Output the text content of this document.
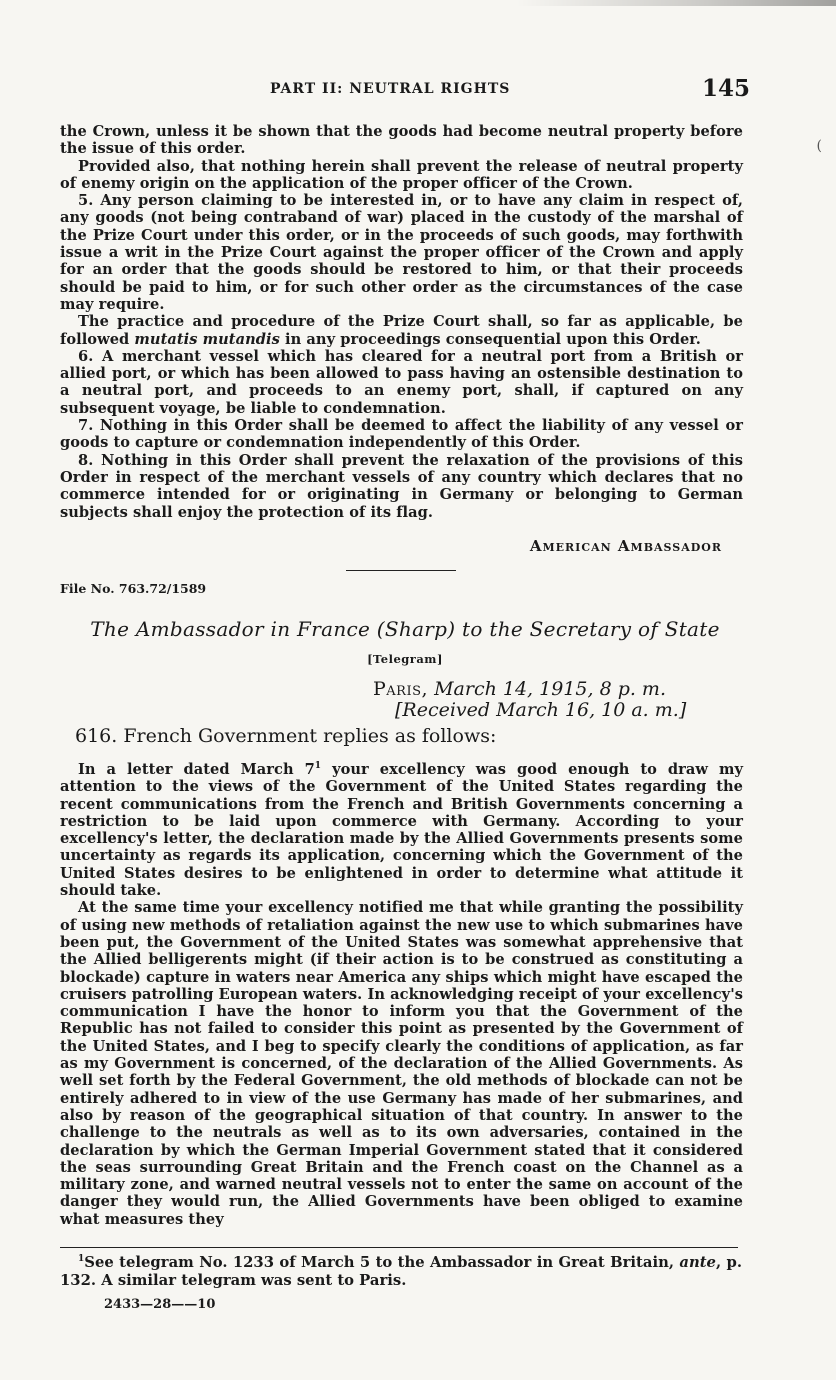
PART II: NEUTRAL RIGHTS	145
(

the Crown, unless it be shown that the goods had become neutral property before the issue of this order.

Provided also, that nothing herein shall prevent the release of neutral property of enemy origin on the application of the proper officer of the Crown.

5. Any person claiming to be interested in, or to have any claim in respect of, any goods (not being contraband of war) placed in the custody of the marshal of the Prize Court under this order, or in the proceeds of such goods, may forthwith issue a writ in the Prize Court against the proper officer of the Crown and apply for an order that the goods should be restored to him, or that their proceeds should be paid to him, or for such other order as the circumstances of the case may require.

The practice and procedure of the Prize Court shall, so far as applicable, be followed mutatis mutandis in any proceedings consequential upon this Order.

6. A merchant vessel which has cleared for a neutral port from a British or allied port, or which has been allowed to pass having an ostensible destination to a neutral port, and proceeds to an enemy port, shall, if captured on any subsequent voyage, be liable to condemnation.

7. Nothing in this Order shall be deemed to affect the liability of any vessel or goods to capture or condemnation independently of this Order.

8. Nothing in this Order shall prevent the relaxation of the provisions of this Order in respect of the merchant vessels of any country which declares that no commerce intended for or originating in Germany or belonging to German subjects shall enjoy the protection of its flag.

American Ambassador
File No. 763.72/1589
The Ambassador in France (Sharp) to the Secretary of State
[Telegram]
Paris, March 14, 1915, 8 p. m.
[Received March 16, 10 a. m.]
616. French Government replies as follows:

In a letter dated March $7^1$ your excellency was good enough to draw my attention to the views of the Government of the United States regarding the recent communications from the French and British Governments concerning a restriction to be laid upon commerce with Germany. According to your excellency's letter, the declaration made by the Allied Governments presents some uncertainty as regards its application, concerning which the Government of the United States desires to be enlightened in order to determine what attitude it should take.

At the same time your excellency notified me that while granting the possibility of using new methods of retaliation against the new use to which submarines have been put, the Government of the United States was somewhat apprehensive that the Allied belligerents might (if their action is to be construed as constituting a blockade) capture in waters near America any ships which might have escaped the cruisers patrolling European waters. In acknowledging receipt of your excellency's communication I have the honor to inform you that the Government of the Republic has not failed to consider this point as presented by the Government of the United States, and I beg to specify clearly the conditions of application, as far as my Government is concerned, of the declaration of the Allied Governments. As well set forth by the Federal Government, the old methods of blockade can not be entirely adhered to in view of the use Germany has made of her submarines, and also by reason of the geographical situation of that country. In answer to the challenge to the neutrals as well as to its own adversaries, contained in the declaration by which the German Imperial Government stated that it considered the seas surrounding Great Britain and the French coast on the Channel as a military zone, and warned neutral vessels not to enter the same on account of the danger they would run, the Allied Governments have been obliged to examine what measures they

$^1$See telegram No. 1233 of March 5 to the Ambassador in Great Britain, ante, p. 132. A similar telegram was sent to Paris.

2433—28——10
